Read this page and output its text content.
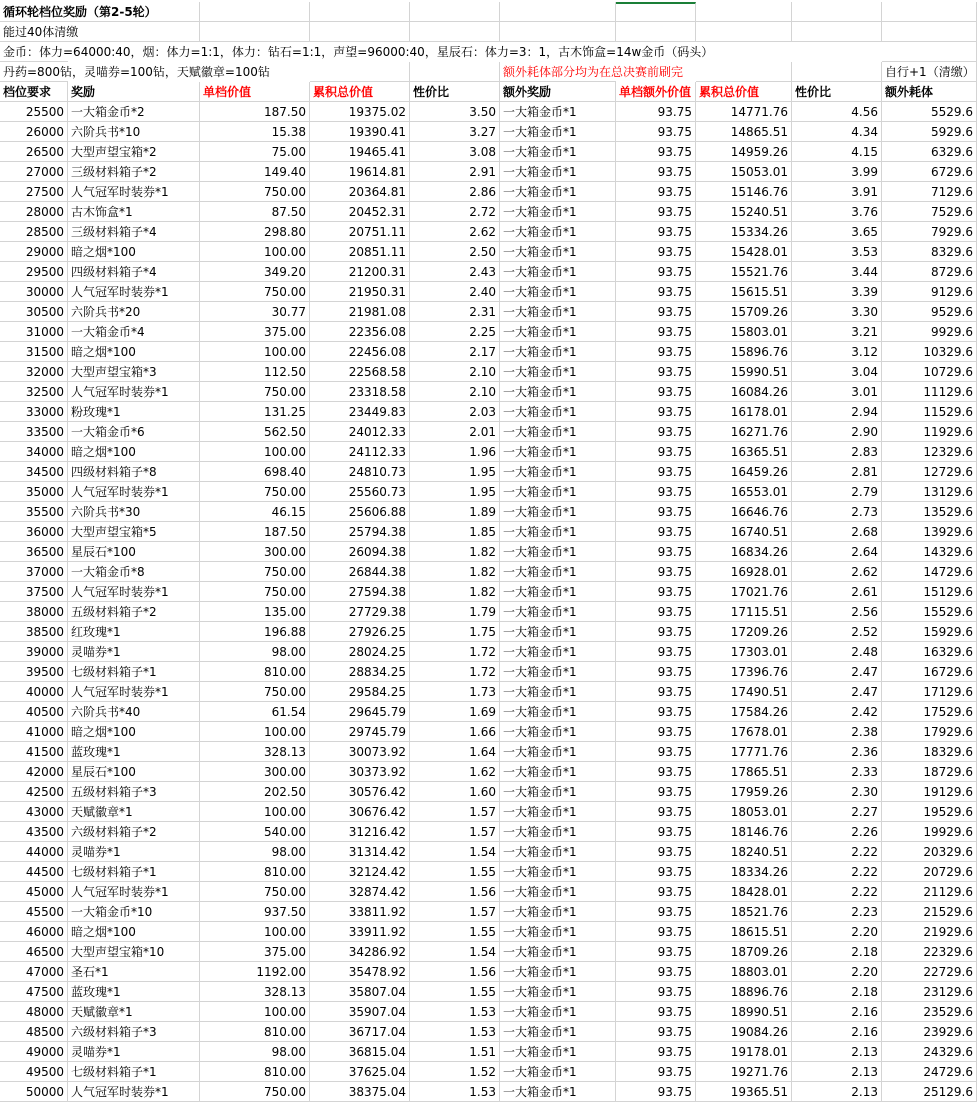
循环轮档位奖励（第2-5轮）
能过40体清缴
金币：体力=64000:40，烟：体力=1:1，体力：钻石=1:1，声望=96000:40，星辰石：体力=3：1，古木饰盒=14w金币（码头）
丹药=800钻，灵喵券=100钻，天赋徽章=100钻	额外耗体部分均为在总决赛前刷完	自行+1（清缴）
档位要求	奖励	单档价值	累积总价值	性价比	额外奖励	单档额外价值 累积总价值	性价比	额外耗体
25500 一大箱金币*2	187.50	19375.02	3.50 一大箱金币*1	93.75	14771.76	4.56	5529.6
26000 六阶兵书*10	15.38	19390.41	3.27 一大箱金币*1	93.75	14865.51	4.34	5929.6
26500 大型声望宝箱*2	75.00	19465.41	3.08 一大箱金币*1	93.75	14959.26	4.15	6329.6
27000 三级材料箱子*2	149.40	19614.81	2.91 一大箱金币*1	93.75	15053.01	3.99	6729.6
27500 人气冠军时装券*1	750.00	20364.81	2.86 一大箱金币*1	93.75	15146.76	3.91	7129.6
28000 古木饰盒*1	87.50	20452.31	2.72 一大箱金币*1	93.75	15240.51	3.76	7529.6
28500 三级材料箱子*4	298.80	20751.11	2.62 一大箱金币*1	93.75	15334.26	3.65	7929.6
29000 暗之烟*100	100.00	20851.11	2.50 一大箱金币*1	93.75	15428.01	3.53	8329.6
29500 四级材料箱子*4	349.20	21200.31	2.43 一大箱金币*1	93.75	15521.76	3.44	8729.6
30000 人气冠军时装券*1	750.00	21950.31	2.40 一大箱金币*1	93.75	15615.51	3.39	9129.6
30500 六阶兵书*20	30.77	21981.08	2.31 一大箱金币*1	93.75	15709.26	3.30	9529.6
31000 一大箱金币*4	375.00	22356.08	2.25 一大箱金币*1	93.75	15803.01	3.21	9929.6
31500 暗之烟*100	100.00	22456.08	2.17 一大箱金币*1	93.75	15896.76	3.12	10329.6
32000 大型声望宝箱*3	112.50	22568.58	2.10 一大箱金币*1	93.75	15990.51	3.04	10729.6
32500 人气冠军时装券*1	750.00	23318.58	2.10 一大箱金币*1	93.75	16084.26	3.01	11129.6
33000 粉玫瑰*1	131.25	23449.83	2.03 一大箱金币*1	93.75	16178.01	2.94	11529.6
33500 一大箱金币*6	562.50	24012.33	2.01 一大箱金币*1	93.75	16271.76	2.90	11929.6
34000 暗之烟*100	100.00	24112.33	1.96 一大箱金币*1	93.75	16365.51	2.83	12329.6
34500 四级材料箱子*8	698.40	24810.73	1.95 一大箱金币*1	93.75	16459.26	2.81	12729.6
35000 人气冠军时装券*1	750.00	25560.73	1.95 一大箱金币*1	93.75	16553.01	2.79	13129.6
35500 六阶兵书*30	46.15	25606.88	1.89 一大箱金币*1	93.75	16646.76	2.73	13529.6
36000 大型声望宝箱*5	187.50	25794.38	1.85 一大箱金币*1	93.75	16740.51	2.68	13929.6
36500 星辰石*100	300.00	26094.38	1.82 一大箱金币*1	93.75	16834.26	2.64	14329.6
37000 一大箱金币*8	750.00	26844.38	1.82 一大箱金币*1	93.75	16928.01	2.62	14729.6
37500 人气冠军时装券*1	750.00	27594.38	1.82 一大箱金币*1	93.75	17021.76	2.61	15129.6
38000 五级材料箱子*2	135.00	27729.38	1.79 一大箱金币*1	93.75	17115.51	2.56	15529.6
38500 红玫瑰*1	196.88	27926.25	1.75 一大箱金币*1	93.75	17209.26	2.52	15929.6
39000 灵喵券*1	98.00	28024.25	1.72 一大箱金币*1	93.75	17303.01	2.48	16329.6
39500 七级材料箱子*1	810.00	28834.25	1.72 一大箱金币*1	93.75	17396.76	2.47	16729.6
40000 人气冠军时装券*1	750.00	29584.25	1.73 一大箱金币*1	93.75	17490.51	2.47	17129.6
40500 六阶兵书*40	61.54	29645.79	1.69 一大箱金币*1	93.75	17584.26	2.42	17529.6
41000 暗之烟*100	100.00	29745.79	1.66 一大箱金币*1	93.75	17678.01	2.38	17929.6
41500 蓝玫瑰*1	328.13	30073.92	1.64 一大箱金币*1	93.75	17771.76	2.36	18329.6
42000 星辰石*100	300.00	30373.92	1.62 一大箱金币*1	93.75	17865.51	2.33	18729.6
42500 五级材料箱子*3	202.50	30576.42	1.60 一大箱金币*1	93.75	17959.26	2.30	19129.6
43000 天赋徽章*1	100.00	30676.42	1.57 一大箱金币*1	93.75	18053.01	2.27	19529.6
43500 六级材料箱子*2	540.00	31216.42	1.57 一大箱金币*1	93.75	18146.76	2.26	19929.6
44000 灵喵券*1	98.00	31314.42	1.54 一大箱金币*1	93.75	18240.51	2.22	20329.6
44500 七级材料箱子*1	810.00	32124.42	1.55 一大箱金币*1	93.75	18334.26	2.22	20729.6
45000 人气冠军时装券*1	750.00	32874.42	1.56 一大箱金币*1	93.75	18428.01	2.22	21129.6
45500 一大箱金币*10	937.50	33811.92	1.57 一大箱金币*1	93.75	18521.76	2.23	21529.6
46000 暗之烟*100	100.00	33911.92	1.55 一大箱金币*1	93.75	18615.51	2.20	21929.6
46500 大型声望宝箱*10	375.00	34286.92	1.54 一大箱金币*1	93.75	18709.26	2.18	22329.6
47000 圣石*1	1192.00	35478.92	1.56 一大箱金币*1	93.75	18803.01	2.20	22729.6
47500 蓝玫瑰*1	328.13	35807.04	1.55 一大箱金币*1	93.75	18896.76	2.18	23129.6
48000 天赋徽章*1	100.00	35907.04	1.53 一大箱金币*1	93.75	18990.51	2.16	23529.6
48500 六级材料箱子*3	810.00	36717.04	1.53 一大箱金币*1	93.75	19084.26	2.16	23929.6
49000 灵喵券*1	98.00	36815.04	1.51 一大箱金币*1	93.75	19178.01	2.13	24329.6
49500 七级材料箱子*1	810.00	37625.04	1.52 一大箱金币*1	93.75	19271.76	2.13	24729.6
50000 人气冠军时装券*1	750.00	38375.04	1.53 一大箱金币*1	93.75	19365.51	2.13	25129.6
